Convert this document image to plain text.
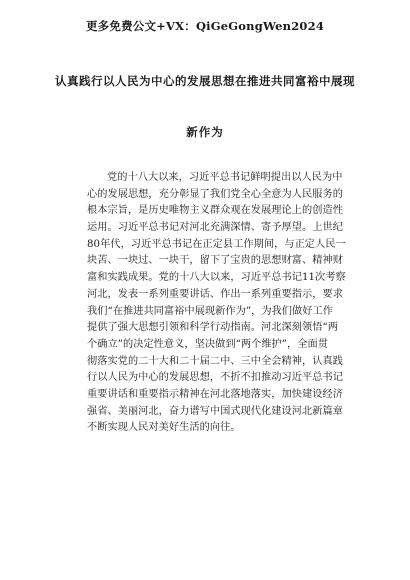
更多免费公文+VX：QiGeGongWen2024
认真践行以人民为中心的发展思想在推进共同富裕中展现
新作为
党的十八大以来，习近平总书记鲜明提出以人民为中
心的发展思想，充分彰显了我们党全心全意为人民服务的
根本宗旨，是历史唯物主义群众观在发展理论上的创造性
运用。习近平总书记对河北充满深情、寄予厚望。上世纪
80年代，习近平总书记在正定县工作期间，与正定人民一
块苦、一块过、一块干，留下了宝贵的思想财富、精神财
富和实践成果。党的十八大以来，习近平总书记11次考察
河北，发表一系列重要讲话、作出一系列重要指示，要求
我们“在推进共同富裕中展现新作为”，为我们做好工作
提供了强大思想引领和科学行动指南。河北深刻领悟“两
个确立”的决定性意义，坚决做到“两个维护”，全面贯
彻落实党的二十大和二十届二中、三中全会精神，认真践
行以人民为中心的发展思想，不折不扣推动习近平总书记
重要讲话和重要指示精神在河北落地落实，加快建设经济
强省、美丽河北，奋力谱写中国式现代化建设河北新篇章
不断实现人民对美好生活的向往。
